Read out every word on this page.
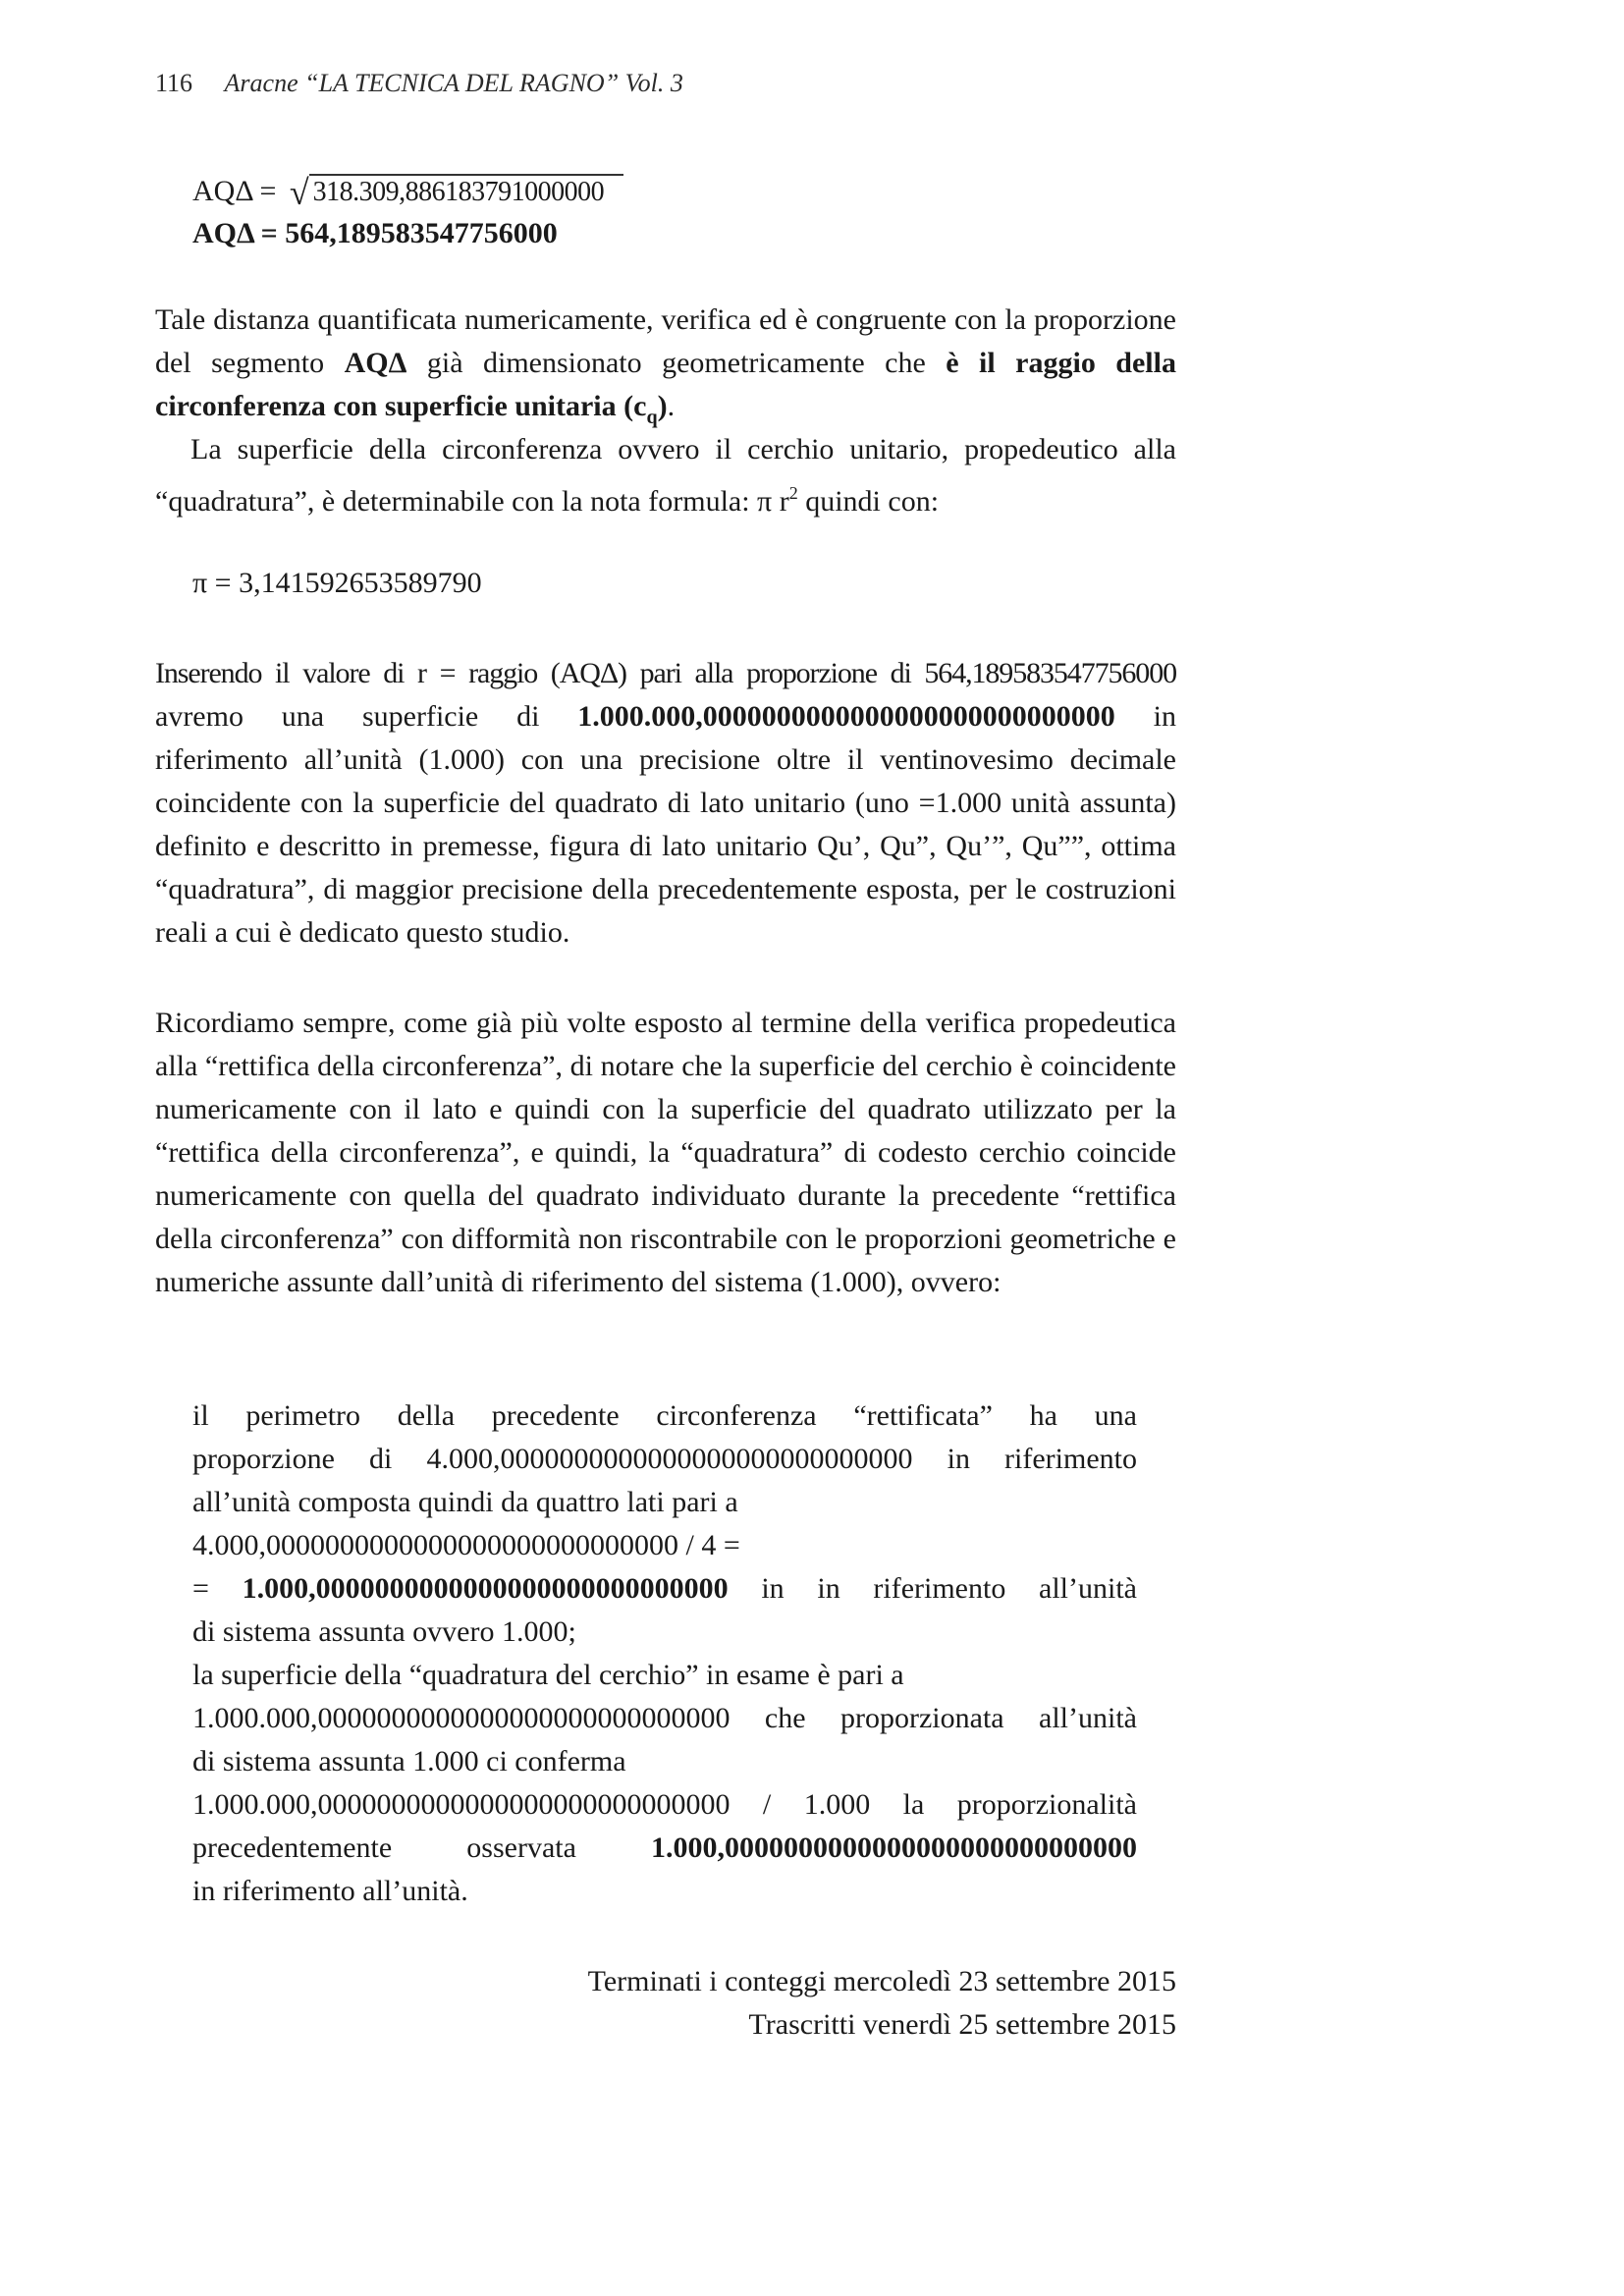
116 Aracne “LA TECNICA DEL RAGNO” Vol. 3
AQΔ = √ 318.309,886183791000000
AQΔ = 564,189583547756000

Tale distanza quantificata numericamente, verifica ed è congruente con la proporzione del segmento AQΔ già dimensionato geometricamente che è il raggio della circonferenza con superficie unitaria $(c_q)$.

La superficie della circonferenza ovvero il cerchio unitario, propedeutico alla “quadratura”, è determinabile con la nota formula: π $r^2$ quindi con:

π = 3,141592653589790
Inserendo il valore di r = raggio (AQΔ) pari alla proporzione di 564,189583547756000
avremo una superficie di 1.000.000,0000000000000000000000000000 in

riferimento all’unità (1.000) con una precisione oltre il ventinovesimo decimale coincidente con la superficie del quadrato di lato unitario (uno =1.000 unità assunta) definito e descritto in premesse, figura di lato unitario Qu’, Qu”, Qu’”, Qu””, ottima “quadratura”, di maggior precisione della precedentemente esposta, per le costruzioni reali a cui è dedicato questo studio.

Ricordiamo sempre, come già più volte esposto al termine della verifica propedeutica alla “rettifica della circonferenza”, di notare che la superficie del cerchio è coincidente numericamente con il lato e quindi con la superficie del quadrato utilizzato per la “rettifica della circonferenza”, e quindi, la “quadratura” di codesto cerchio coincide numericamente con quella del quadrato individuato durante la precedente “rettifica della circonferenza” con difformità non riscontrabile con le proporzioni geometriche e numeriche assunte dall’unità di riferimento del sistema (1.000), ovvero:

il perimetro della precedente circonferenza “rettificata” ha una
proporzione di 4.000,0000000000000000000000000000 in riferimento
all’unità composta quindi da quattro lati pari a
4.000,0000000000000000000000000000 / 4 =
= 1.000,0000000000000000000000000000 in in riferimento all’unità
di sistema assunta ovvero 1.000;
la superficie della “quadratura del cerchio” in esame è pari a
1.000.000,0000000000000000000000000000 che proporzionata all’unità
di sistema assunta 1.000 ci conferma
1.000.000,0000000000000000000000000000 / 1.000 la proporzionalità
precedentemente osservata 1.000,0000000000000000000000000000
in riferimento all’unità.
Terminati i conteggi mercoledì 23 settembre 2015
Trascritti venerdì 25 settembre 2015
